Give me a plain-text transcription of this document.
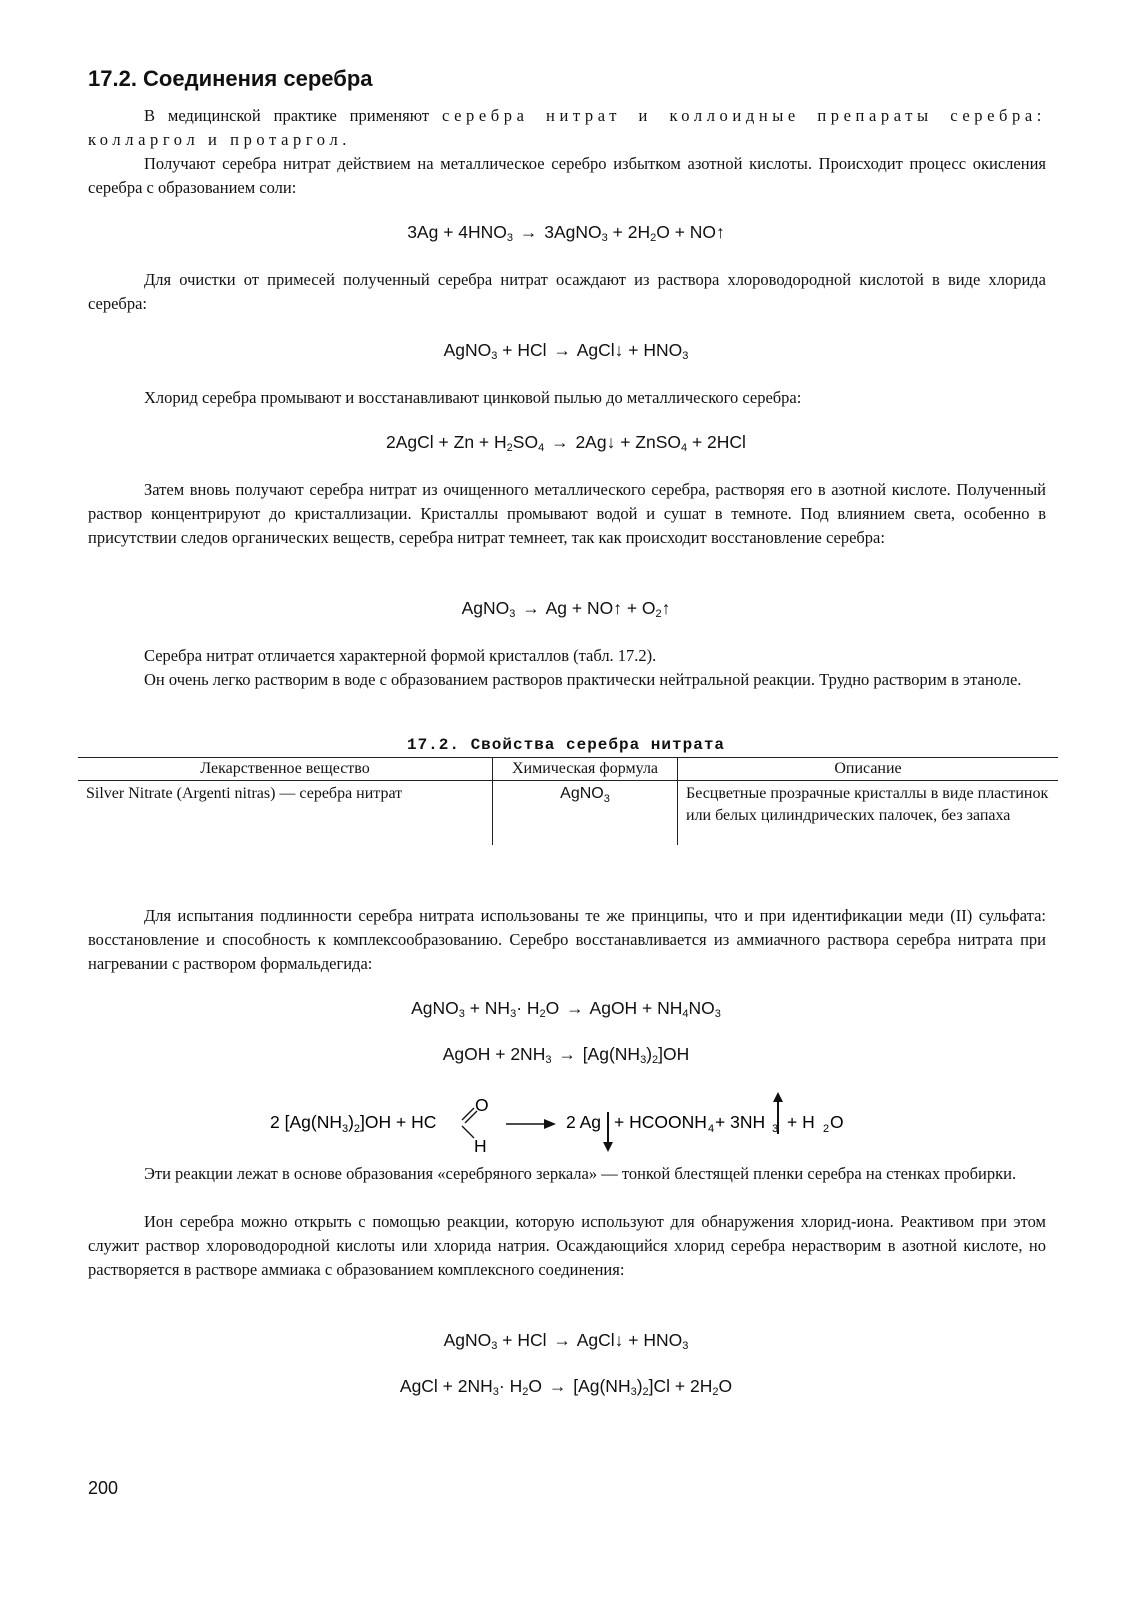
17.2. Соединения серебра

В медицинской практике применяют серебра нитрат и коллоидные препараты серебра: колларгол и протаргол.

Получают серебра нитрат действием на металлическое серебро избытком азотной кислоты. Происходит процесс окисления серебра с образованием соли:

$3Ag + 4HNO_3$ → 3AgNO$_3$ + $2H_2O$ + NO↑

Для очистки от примесей полученный серебра нитрат осаждают из раствора хлороводородной кислотой в виде хлорида серебра:

AgNO$_3$ + HCl → AgCl↓ + $HNO_3$

Хлорид серебра промывают и восстанавливают цинковой пылью до металлического серебра:

2AgCl + $Zn + H_2SO_4$ → 2Ag↓ + ZnSO$_4$ + 2HCl

Затем вновь получают серебра нитрат из очищенного металлического серебра, растворяя его в азотной кислоте. Полученный раствор концентрируют до кристаллизации. Кристаллы промывают водой и сушат в темноте. Под влиянием света, особенно в присутствии следов органических веществ, серебра нитрат темнеет, так как происходит восстановление серебра:

AgNO$_3$ → Ag + NO↑ + $O_2↑$

Серебра нитрат отличается характерной формой кристаллов (табл. 17.2).

Он очень легко растворим в воде с образованием растворов практически нейтральной реакции. Трудно растворим в этаноле.

17.2. Свойства серебра нитрата
Лекарственное вещество	Химическая формула	Описание
Silver Nitrate (Argenti nitras) — серебра нитрат	AgNO$_3$	Бесцветные прозрачные кристаллы в виде пластинок или белых цилиндрических палочек, без запаха

Для испытания подлинности серебра нитрата использованы те же принципы, что и при идентификации меди (II) сульфата: восстановление и способность к комплексообразованию. Серебро восстанавливается из аммиачного раствора серебра нитрата при нагревании с раствором формальдегида:

AgNO$_3$ + $NH_3\cdot H_2O$ → AgOH + $NH_4NO_3$
AgOH + $2NH_3 \to [Ag(NH_3)_2]OH$
2 $[Ag(NH_3)_2]OH$ + HC
O
H
2 Ag + HCOONH 4 + 3NH 3 + H 2 O

Эти реакции лежат в основе образования «серебряного зеркала» — тонкой блестящей пленки серебра на стенках пробирки.

Ион серебра можно открыть с помощью реакции, которую используют для обнаружения хлорид-иона. Реактивом при этом служит раствор хлороводородной кислоты или хлорида натрия. Осаждающийся хлорид серебра нерастворим в азотной кислоте, но растворяется в растворе аммиака с образованием комплексного соединения:

AgNO$_3$ + HCl → AgCl↓ + $HNO_3$
AgCl + $2NH_3\cdot H_2O \to [Ag(NH_3)_2]Cl + 2H_2O$
200
